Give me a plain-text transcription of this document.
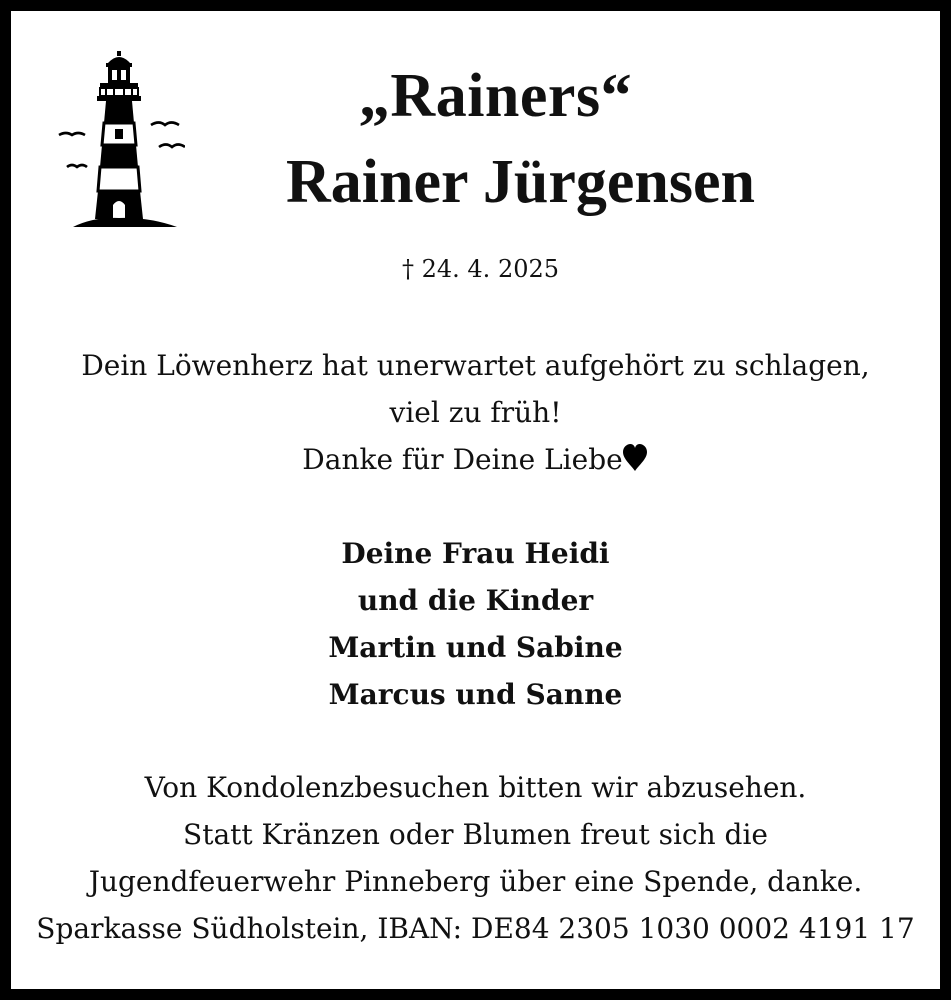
„Rainers“
Rainer Jürgensen
† 24. 4. 2025
Dein Löwenherz hat unerwartet aufgehört zu schlagen,
viel zu früh!
Danke für Deine Liebe
Deine Frau Heidi
und die Kinder
Martin und Sabine
Marcus und Sanne
Von Kondolenzbesuchen bitten wir abzusehen.
Statt Kränzen oder Blumen freut sich die
Jugendfeuerwehr Pinneberg über eine Spende, danke.
Sparkasse Südholstein, IBAN: DE84 2305 1030 0002 4191 17
